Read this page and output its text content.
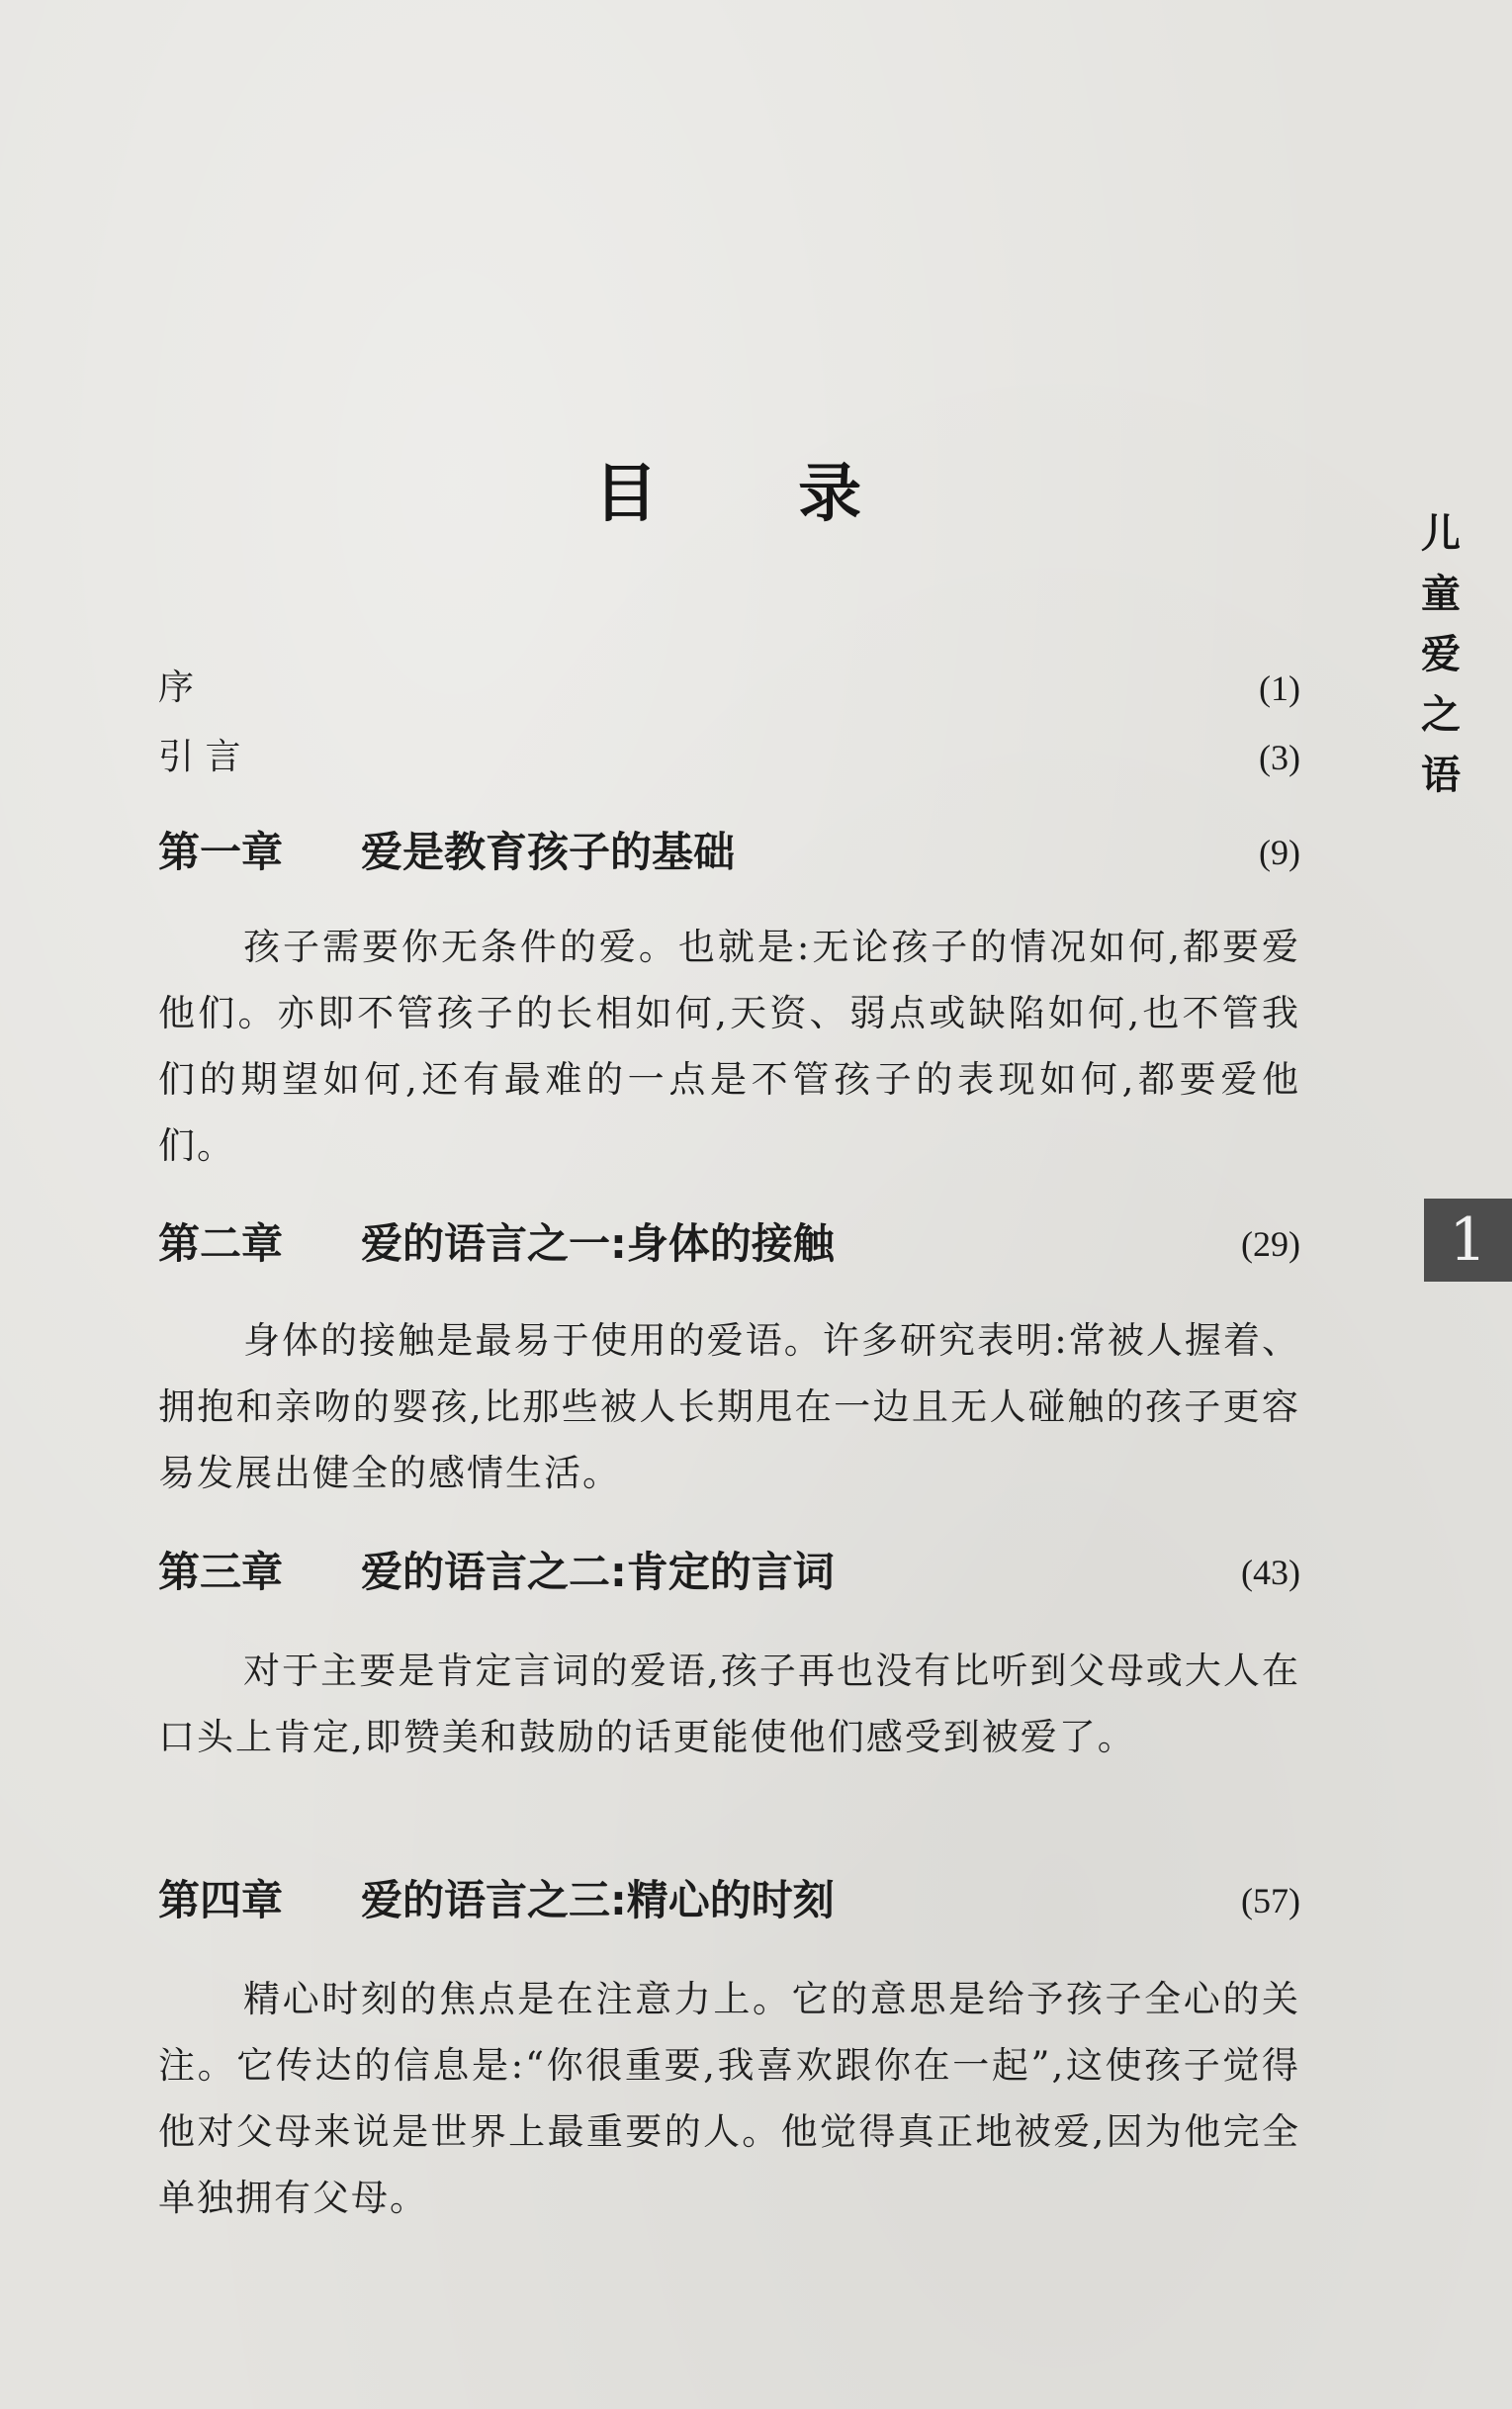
目 录
儿
童
爱
之
语
1
序	(1)
引 言	(3)
第一章 爱是教育孩子的基础	(9)
孩子需要你无条件的爱。也就是:无论孩子的情况如何,都要爱他们。亦即不管孩子的长相如何,天资、弱点或缺陷如何,也不管我们的期望如何,还有最难的一点是不管孩子的表现如何,都要爱他们。
第二章 爱的语言之一:身体的接触	(29)
身体的接触是最易于使用的爱语。许多研究表明:常被人握着、拥抱和亲吻的婴孩,比那些被人长期甩在一边且无人碰触的孩子更容易发展出健全的感情生活。
第三章 爱的语言之二:肯定的言词	(43)
对于主要是肯定言词的爱语,孩子再也没有比听到父母或大人在口头上肯定,即赞美和鼓励的话更能使他们感受到被爱了。
第四章 爱的语言之三:精心的时刻	(57)
精心时刻的焦点是在注意力上。它的意思是给予孩子全心的关注。它传达的信息是:“你很重要,我喜欢跟你在一起”,这使孩子觉得他对父母来说是世界上最重要的人。他觉得真正地被爱,因为他完全单独拥有父母。
